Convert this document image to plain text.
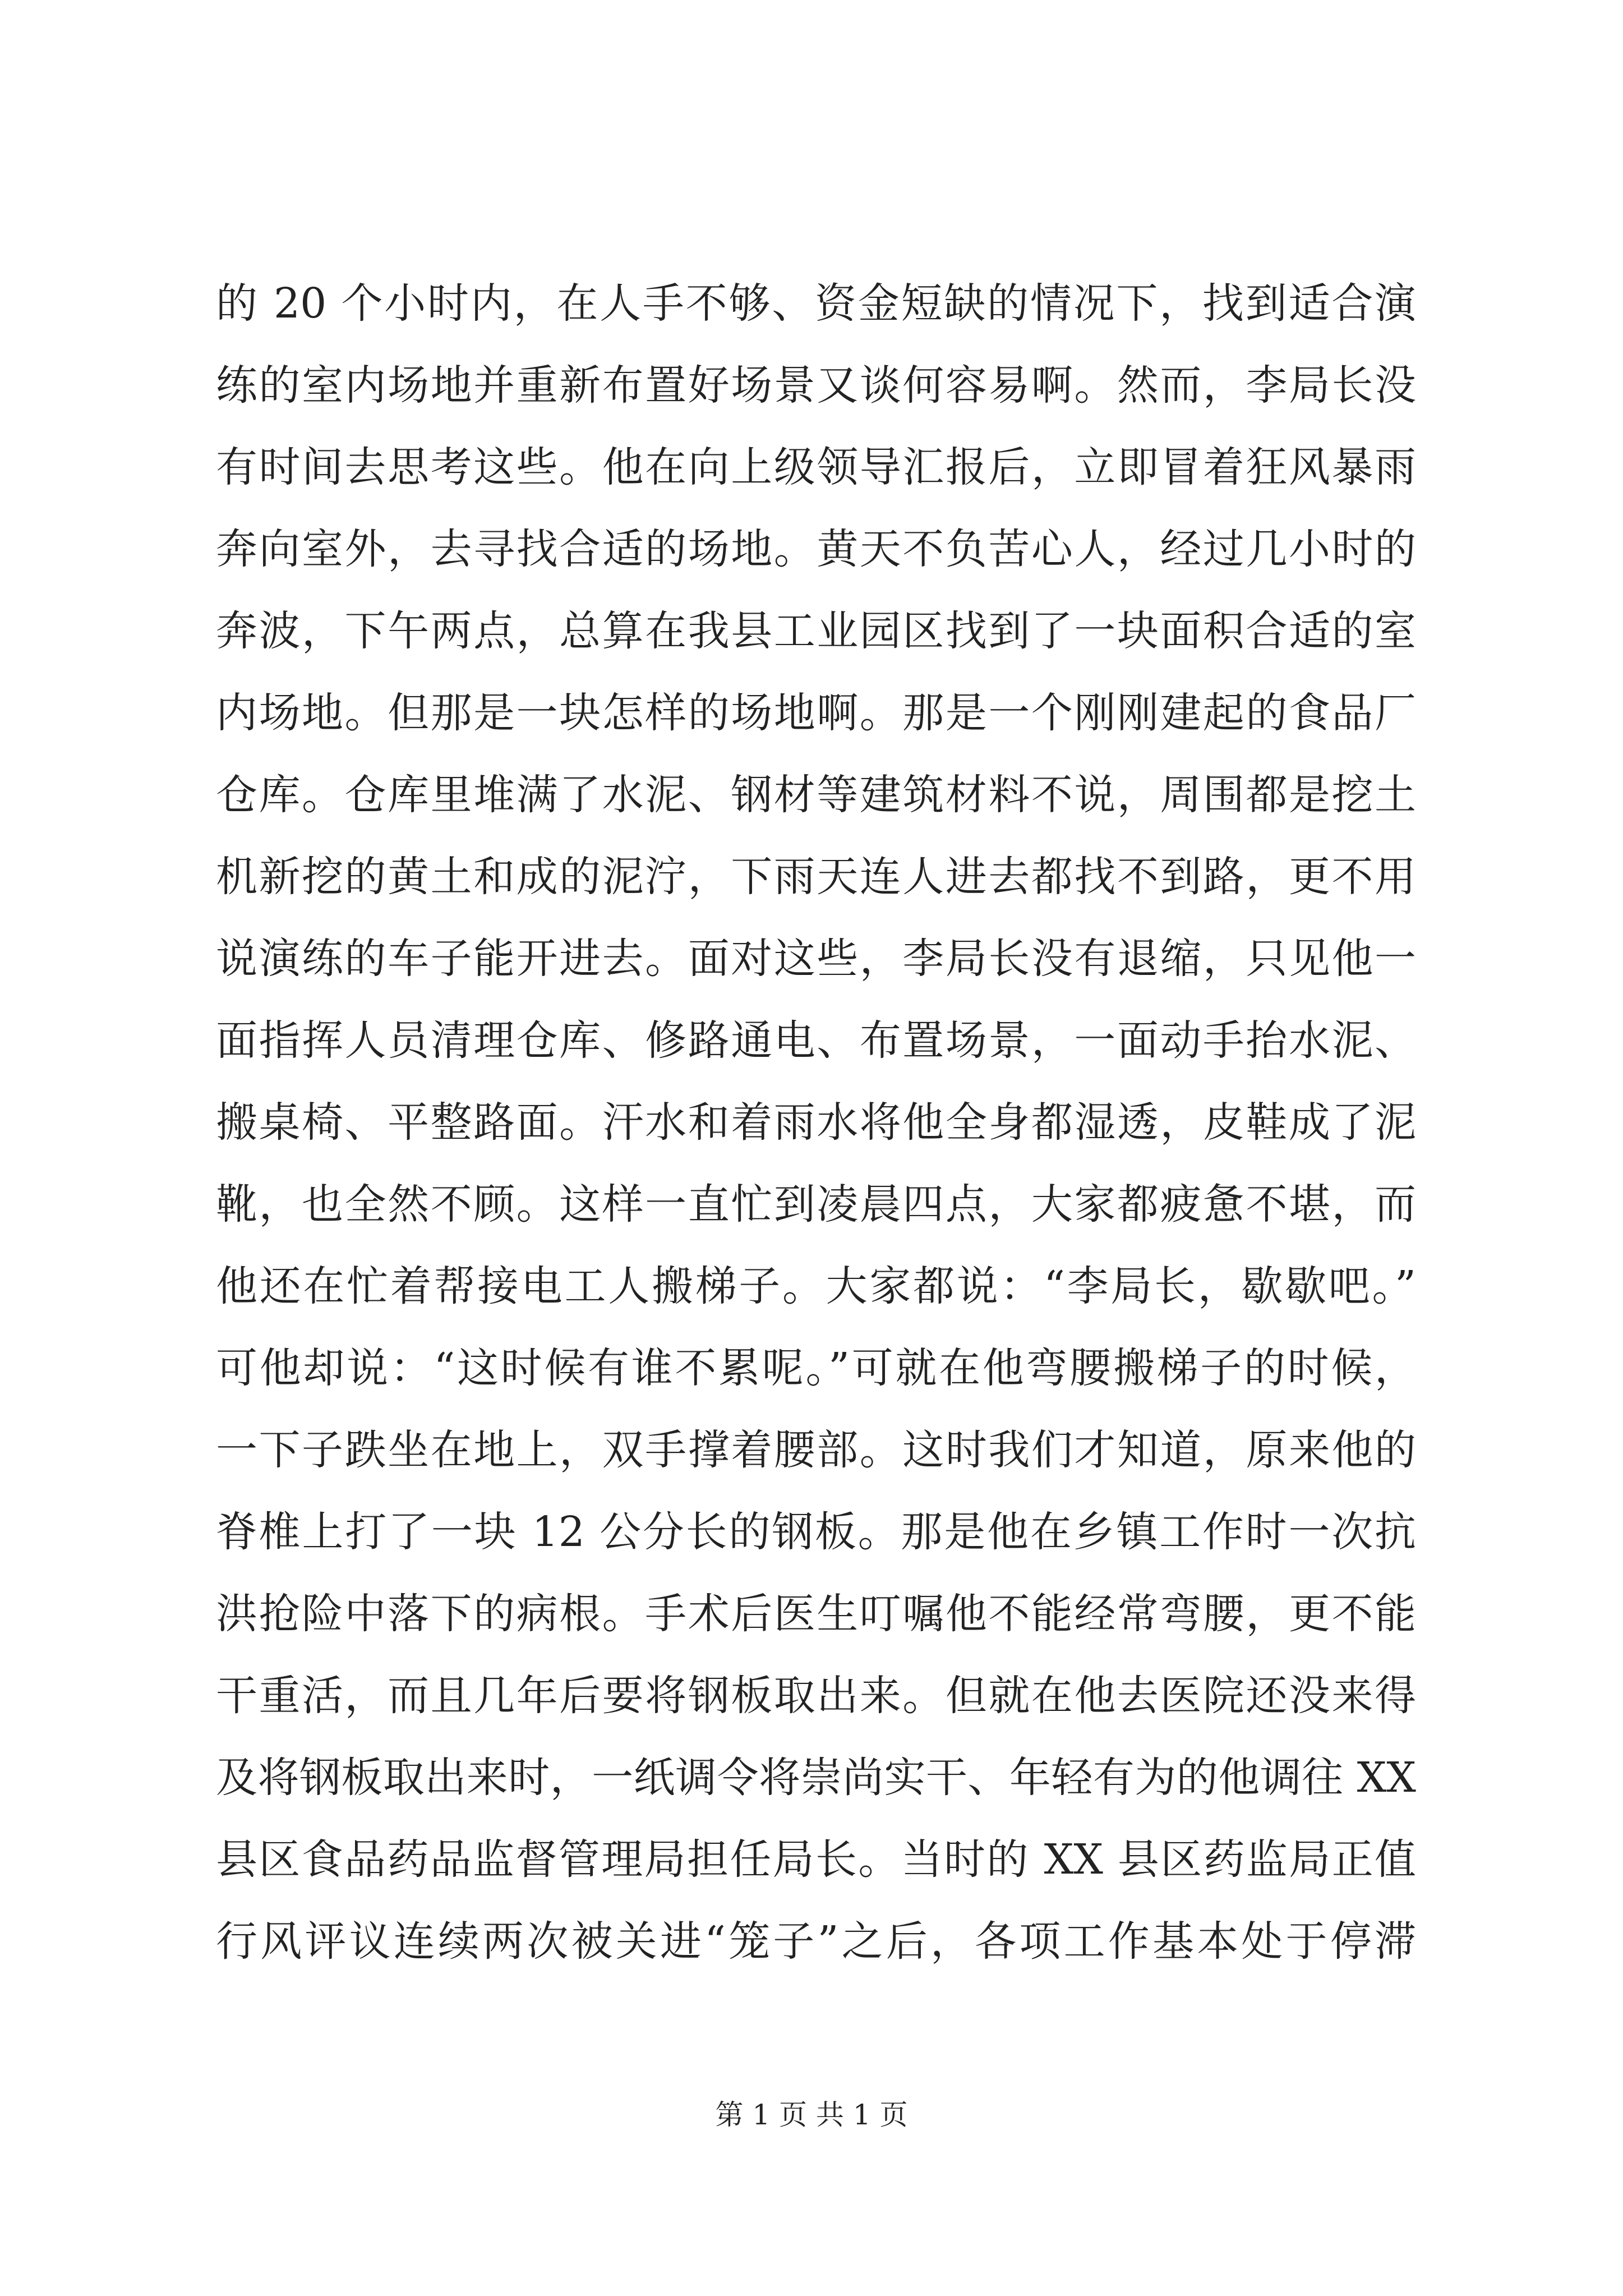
的 20 个小时内，在人手不够、资金短缺的情况下，找到适合演
练的室内场地并重新布置好场景又谈何容易啊。然而，李局长没
有时间去思考这些。他在向上级领导汇报后，立即冒着狂风暴雨
奔向室外，去寻找合适的场地。黄天不负苦心人，经过几小时的
奔波，下午两点，总算在我县工业园区找到了一块面积合适的室
内场地。但那是一块怎样的场地啊。那是一个刚刚建起的食品厂
仓库。仓库里堆满了水泥、钢材等建筑材料不说，周围都是挖土
机新挖的黄土和成的泥泞，下雨天连人进去都找不到路，更不用
说演练的车子能开进去。面对这些，李局长没有退缩，只见他一
面指挥人员清理仓库、修路通电、布置场景，一面动手抬水泥、
搬桌椅、平整路面。汗水和着雨水将他全身都湿透，皮鞋成了泥
靴，也全然不顾。这样一直忙到凌晨四点，大家都疲惫不堪，而
他还在忙着帮接电工人搬梯子。大家都说：“李局长，歇歇吧。”
可他却说：“这时候有谁不累呢。”可就在他弯腰搬梯子的时候，
一下子跌坐在地上，双手撑着腰部。这时我们才知道，原来他的
脊椎上打了一块 12 公分长的钢板。那是他在乡镇工作时一次抗
洪抢险中落下的病根。手术后医生叮嘱他不能经常弯腰，更不能
干重活，而且几年后要将钢板取出来。但就在他去医院还没来得
及将钢板取出来时，一纸调令将崇尚实干、年轻有为的他调往 XX
县区食品药品监督管理局担任局长。当时的 XX 县区药监局正值
行风评议连续两次被关进“笼子”之后，各项工作基本处于停滞
第 1 页 共 1 页
